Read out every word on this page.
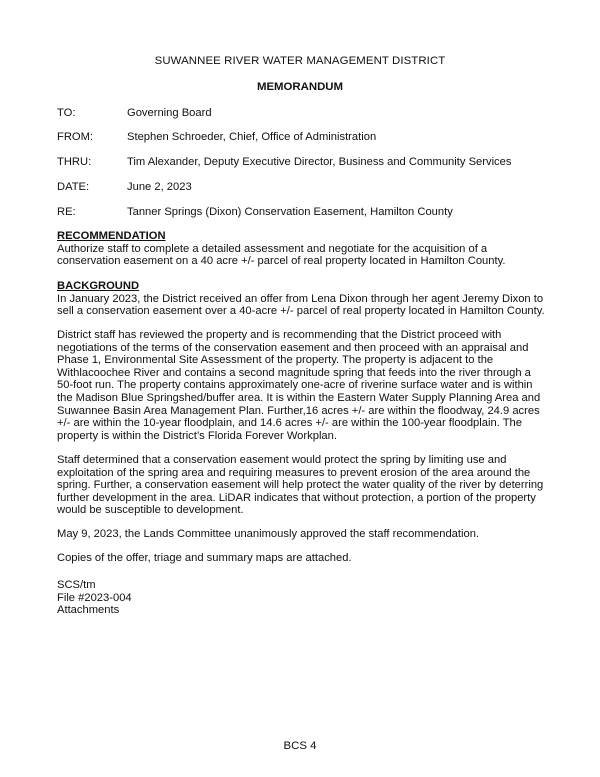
SUWANNEE RIVER WATER MANAGEMENT DISTRICT
MEMORANDUM
TO:	Governing Board
FROM:	Stephen Schroeder, Chief, Office of Administration
THRU:	Tim Alexander, Deputy Executive Director, Business and Community Services
DATE:	June 2, 2023
RE:	Tanner Springs (Dixon) Conservation Easement, Hamilton County
RECOMMENDATION

Authorize staff to complete a detailed assessment and negotiate for the acquisition of a conservation easement on a 40 acre +/- parcel of real property located in Hamilton County.

BACKGROUND

In January 2023, the District received an offer from Lena Dixon through her agent Jeremy Dixon to sell a conservation easement over a 40-acre +/- parcel of real property located in Hamilton County.

District staff has reviewed the property and is recommending that the District proceed with negotiations of the terms of the conservation easement and then proceed with an appraisal and Phase 1, Environmental Site Assessment of the property. The property is adjacent to the Withlacoochee River and contains a second magnitude spring that feeds into the river through a 50-foot run. The property contains approximately one-acre of riverine surface water and is within the Madison Blue Springshed/buffer area. It is within the Eastern Water Supply Planning Area and Suwannee Basin Area Management Plan. Further,16 acres +/- are within the floodway, 24.9 acres +/- are within the 10-year floodplain, and 14.6 acres +/- are within the 100-year floodplain. The property is within the District’s Florida Forever Workplan.

Staff determined that a conservation easement would protect the spring by limiting use and exploitation of the spring area and requiring measures to prevent erosion of the area around the spring. Further, a conservation easement will help protect the water quality of the river by deterring further development in the area. LiDAR indicates that without protection, a portion of the property would be susceptible to development.

May 9, 2023, the Lands Committee unanimously approved the staff recommendation.

Copies of the offer, triage and summary maps are attached.

SCS/tm
File #2023-004
Attachments
BCS 4
